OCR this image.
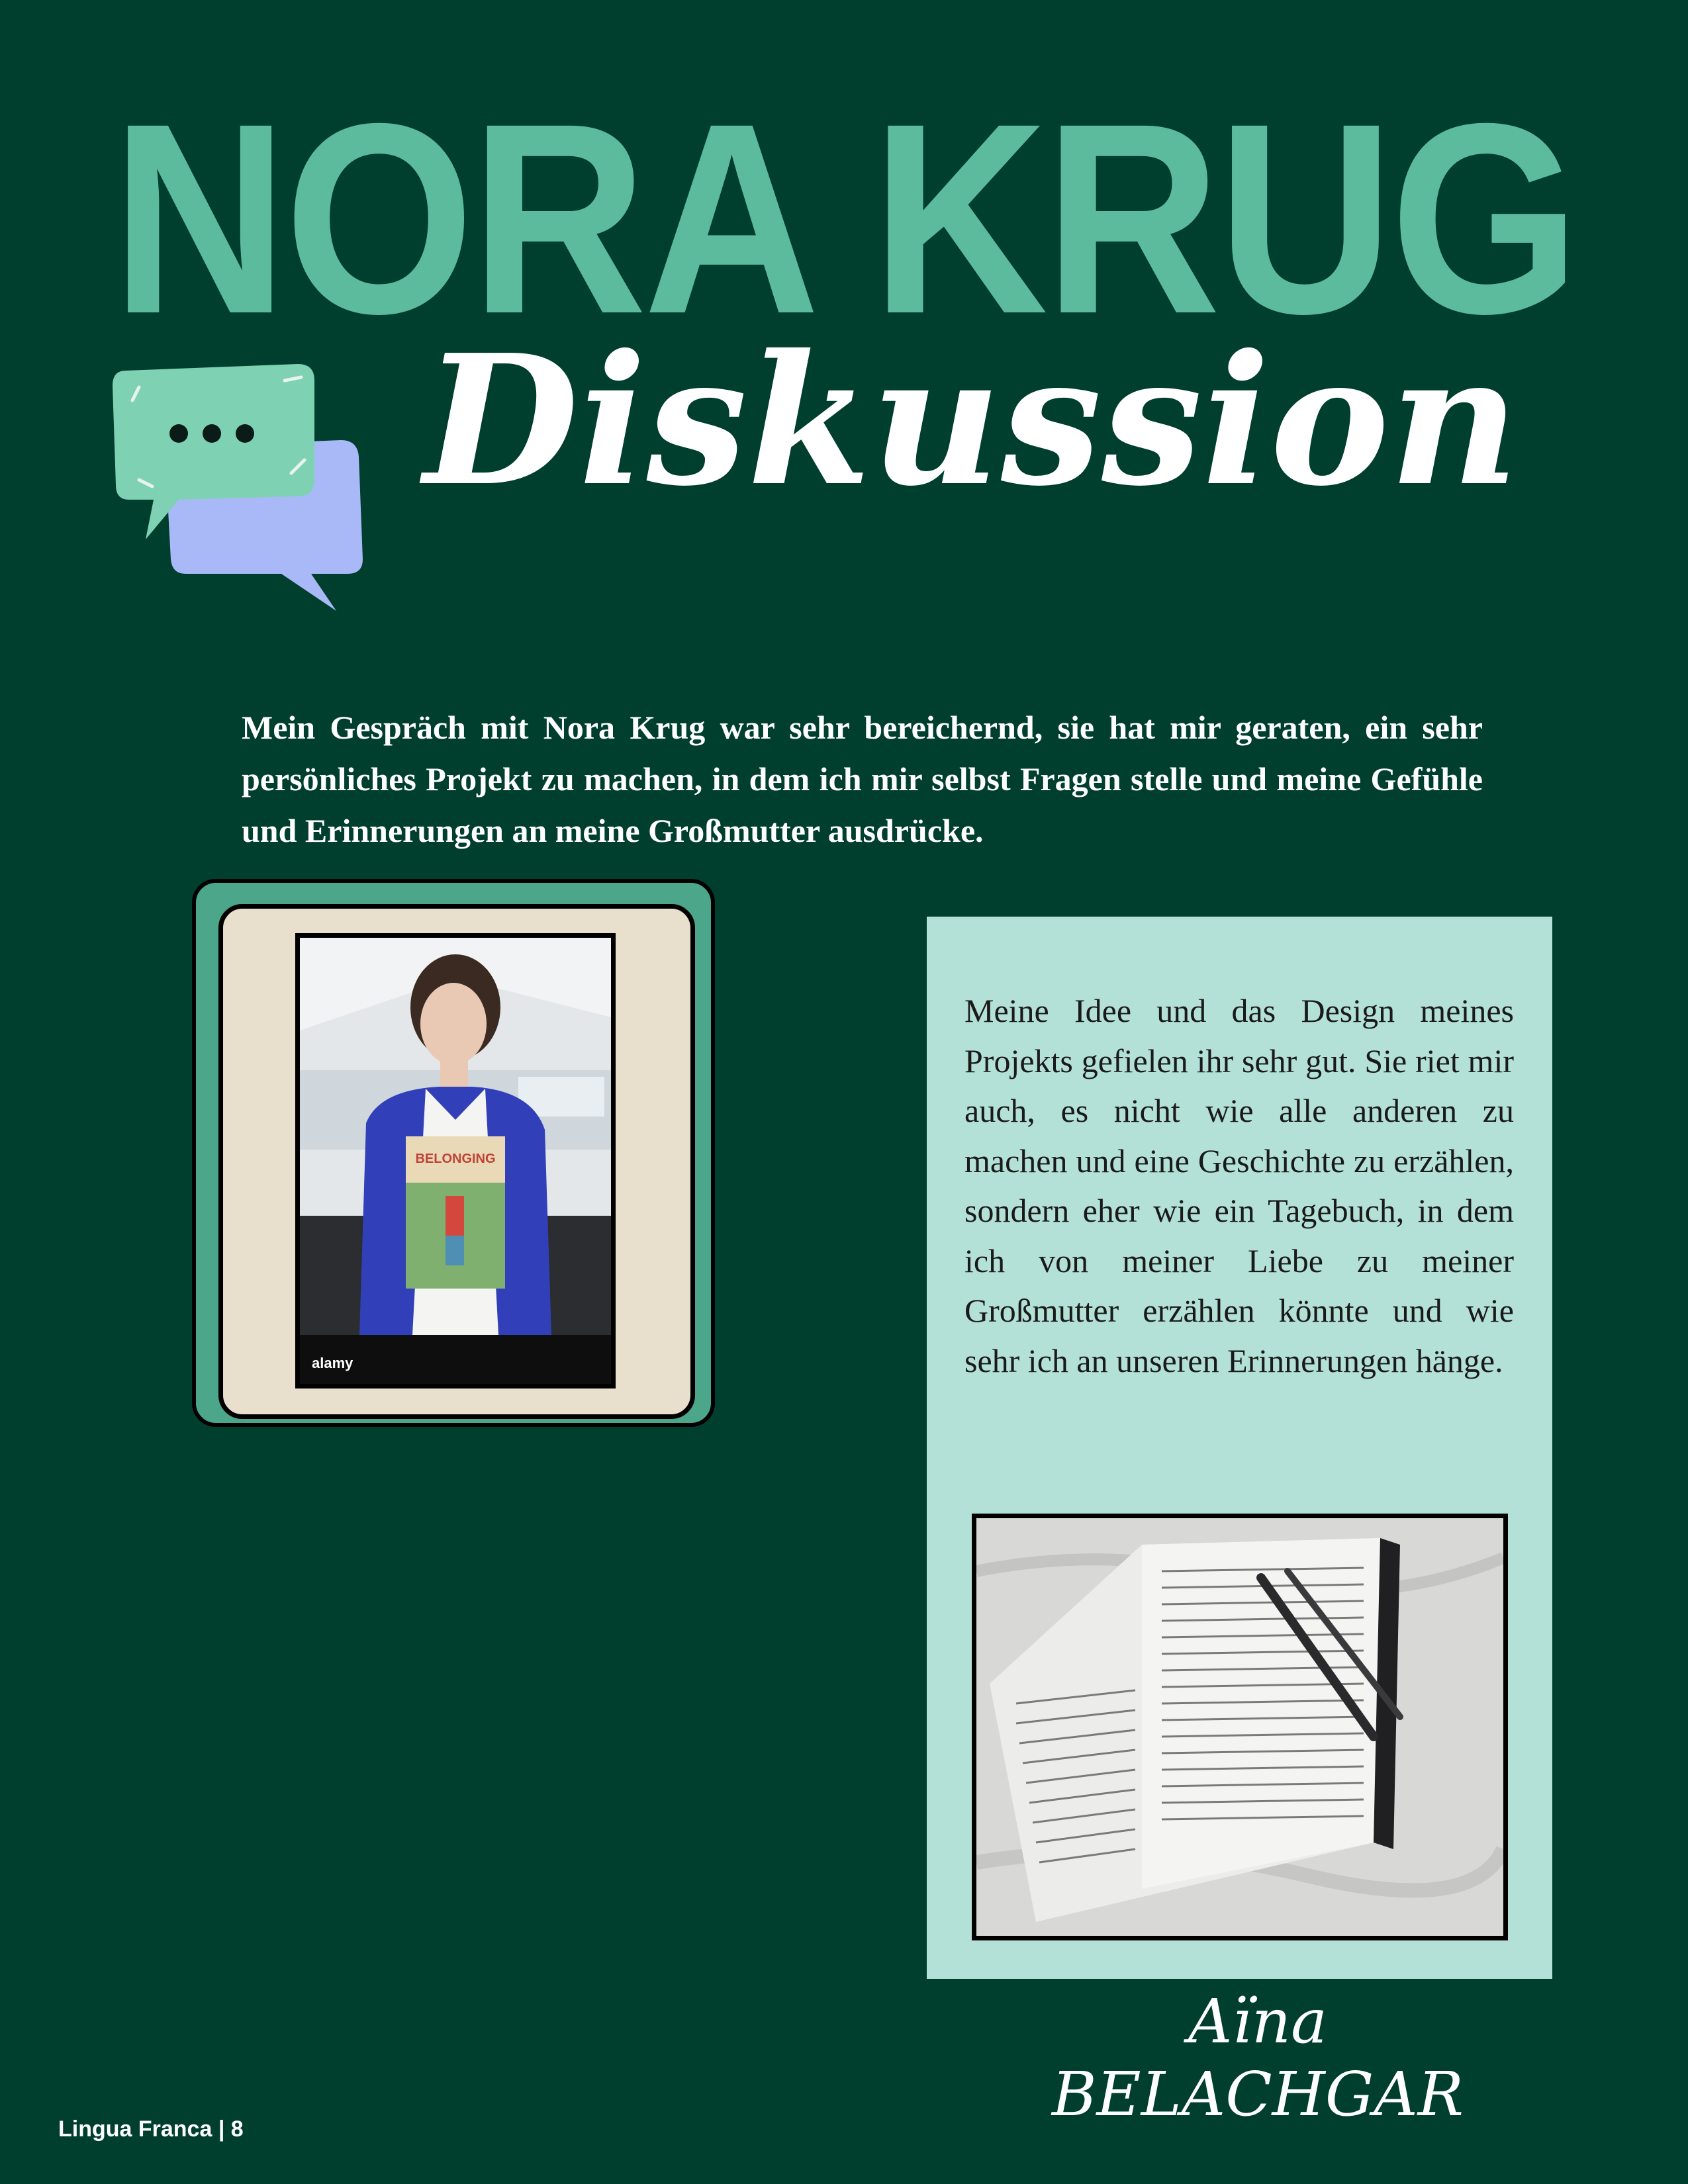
NORA KRUG
Diskussion

Mein Gespräch mit Nora Krug war sehr bereichernd, sie hat mir geraten, ein sehr persönliches Projekt zu machen, in dem ich mir selbst Fragen stelle und meine Gefühle und Erinnerungen an meine Großmutter ausdrücke.

BELONGING
alamy

Meine Idee und das Design meines Projekts gefielen ihr sehr gut. Sie riet mir auch, es nicht wie alle anderen zu machen und eine Geschichte zu erzählen, sondern eher wie ein Tagebuch, in dem ich von meiner Liebe zu meiner Großmutter erzählen könnte und wie sehr ich an unseren Erinnerungen hänge.

Aïna BELACHGAR
Lingua Franca | 8
